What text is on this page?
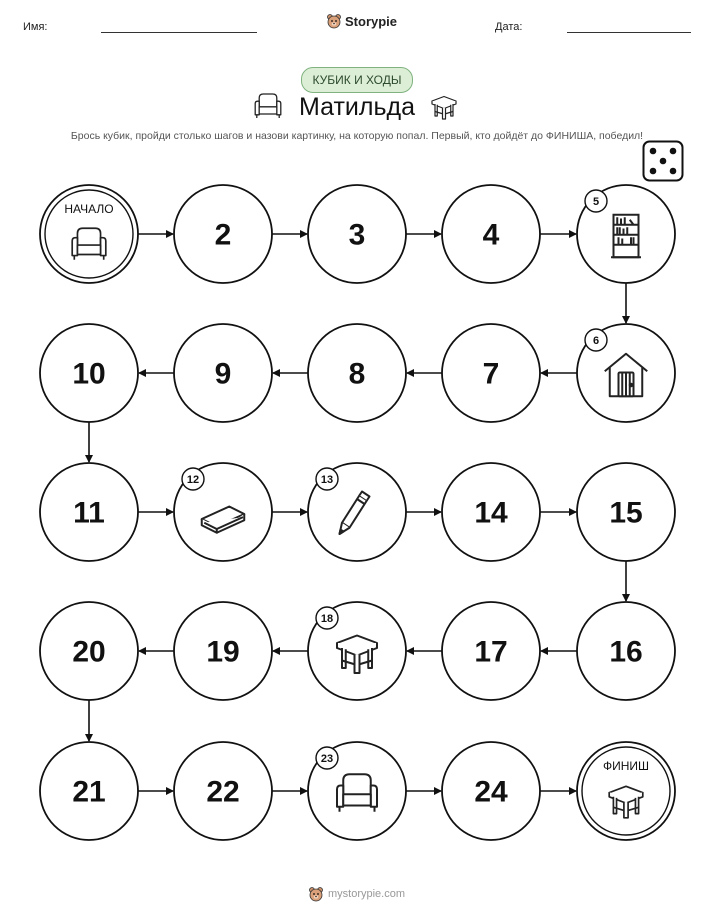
Имя:	Storypie	Дата:
КУБИК И ХОДЫ
Матильда
Брось кубик, пройди столько шагов и назови картинку, на которую попал. Первый, кто дойдёт до ФИНИША, победил!
НАЧАЛО
2	3	4
5
6
7
8
9
10
11
12	13
14	15
16
17
18
19
20
21	22
23
24
ФИНИШ
mystorypie.com
